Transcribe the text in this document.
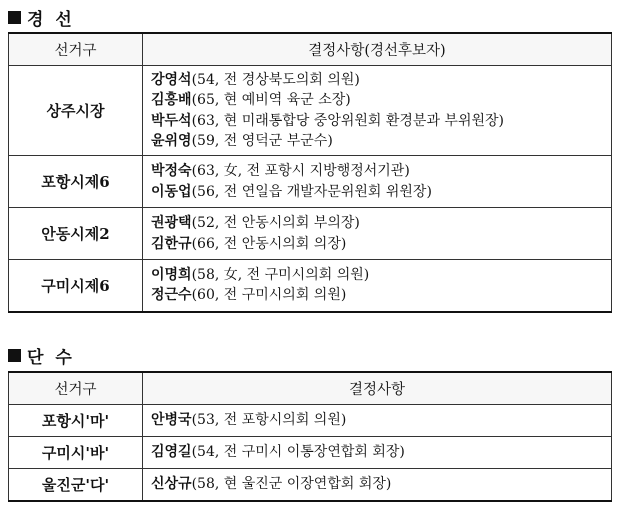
경 선
선거구	결정사항(경선후보자)
상주시장	강영석(54, 전 경상북도의회 의원)
김홍배(65, 현 예비역 육군 소장)
박두석(63, 현 미래통합당 중앙위원회 환경분과 부위원장)
윤위영(59, 전 영덕군 부군수)

포항시제6	박정숙(63, 女, 전 포항시 지방행정서기관)
이동업(56, 전 연일읍 개발자문위원회 위원장)

안동시제2	권광택(52, 전 안동시의회 부의장)
김한규(66, 전 안동시의회 의장)

구미시제6	이명희(58, 女, 전 구미시의회 의원)
정근수(60, 전 구미시의회 의원)
단 수
선거구	결정사항
포항시'마'	안병국(53, 전 포항시의회 의원)

구미시'바'	김영길(54, 전 구미시 이통장연합회 회장)

울진군'다'	신상규(58, 현 울진군 이장연합회 회장)
